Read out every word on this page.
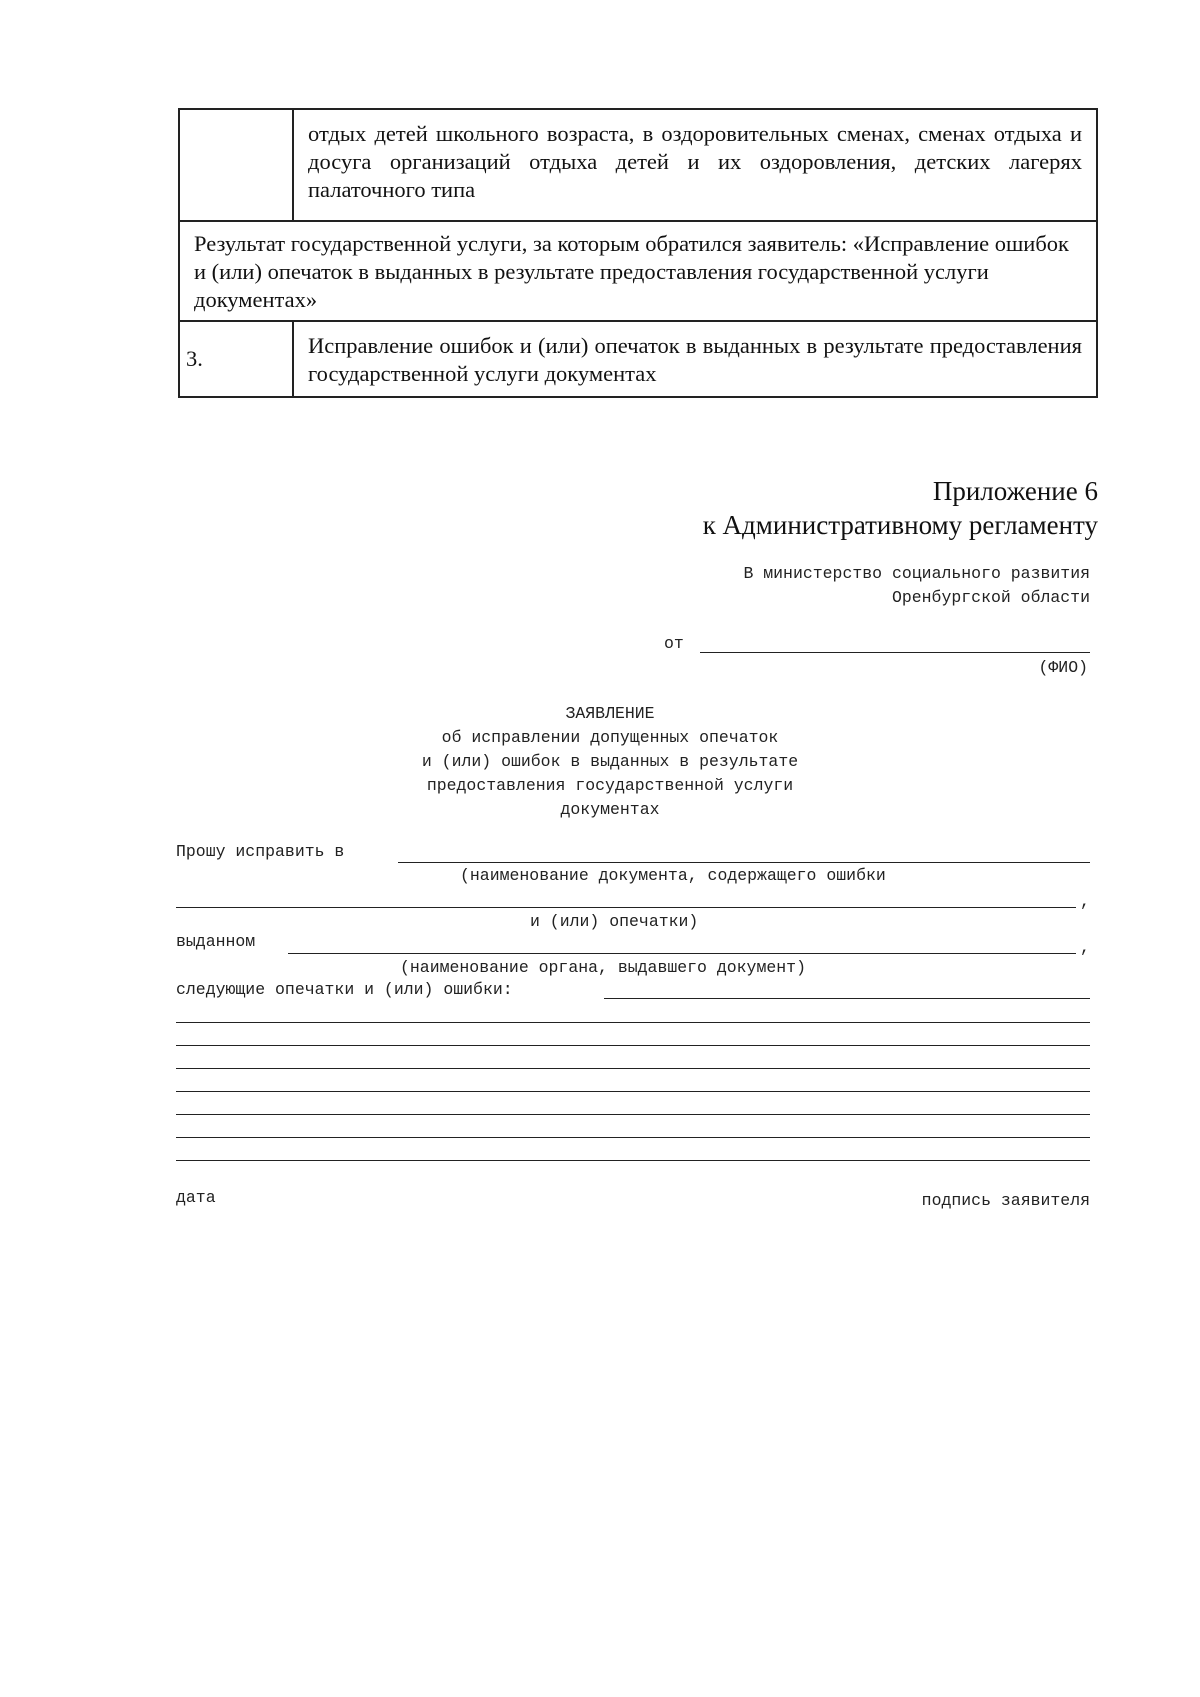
	отдых детей школьного возраста, в оздоровительных сменах, сменах отдыха и досуга организаций отдыха детей и их оздоровления, детских лагерях палаточного типа
Результат государственной услуги, за которым обратился заявитель: «Исправление ошибок и (или) опечаток в выданных в результате предоставления государственной услуги документах»	
3.	Исправление ошибок и (или) опечаток в выданных в результате предоставления государственной услуги документах
Приложение 6
к Административному регламенту
В министерство социального развития
Оренбургской области
от
(ФИО)
ЗАЯВЛЕНИЕ
об исправлении допущенных опечаток
и (или) ошибок в выданных в результате
предоставления государственной услуги
документах
Прошу исправить в
(наименование документа, содержащего ошибки
,
и (или) опечатки)
выданном	,
(наименование органа, выдавшего документ)
следующие опечатки и (или) ошибки:
дата	подпись заявителя
